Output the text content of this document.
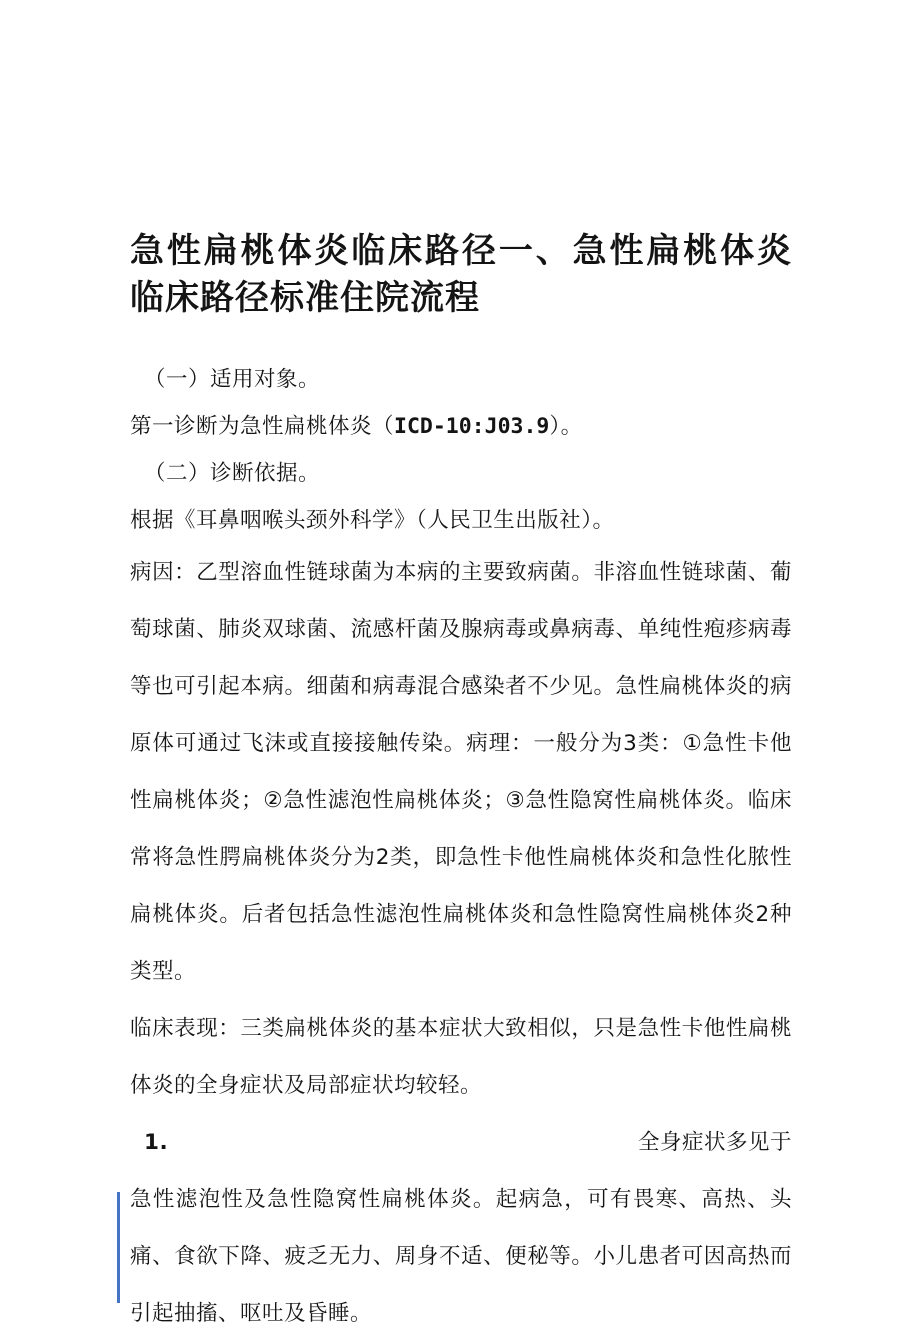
急性扁桃体炎临床路径一、急性扁桃体炎临床路径标准住院流程

（一）适用对象。

第一诊断为急性扁桃体炎（ICD-10:J03.9）。

（二）诊断依据。

根据《耳鼻咽喉头颈外科学》（人民卫生出版社）。

病因：乙型溶血性链球菌为本病的主要致病菌。非溶血性链球菌、葡萄球菌、肺炎双球菌、流感杆菌及腺病毒或鼻病毒、单纯性疱疹病毒等也可引起本病。细菌和病毒混合感染者不少见。急性扁桃体炎的病原体可通过飞沫或直接接触传染。病理：一般分为3类：①急性卡他性扁桃体炎；②急性滤泡性扁桃体炎；③急性隐窝性扁桃体炎。临床常将急性腭扁桃体炎分为2类，即急性卡他性扁桃体炎和急性化脓性扁桃体炎。后者包括急性滤泡性扁桃体炎和急性隐窝性扁桃体炎2种类型。

临床表现：三类扁桃体炎的基本症状大致相似，只是急性卡他性扁桃体炎的全身症状及局部症状均较轻。

1.	全身症状多见于

急性滤泡性及急性隐窝性扁桃体炎。起病急，可有畏寒、高热、头痛、食欲下降、疲乏无力、周身不适、便秘等。小儿患者可因高热而引起抽搐、呕吐及昏睡。
